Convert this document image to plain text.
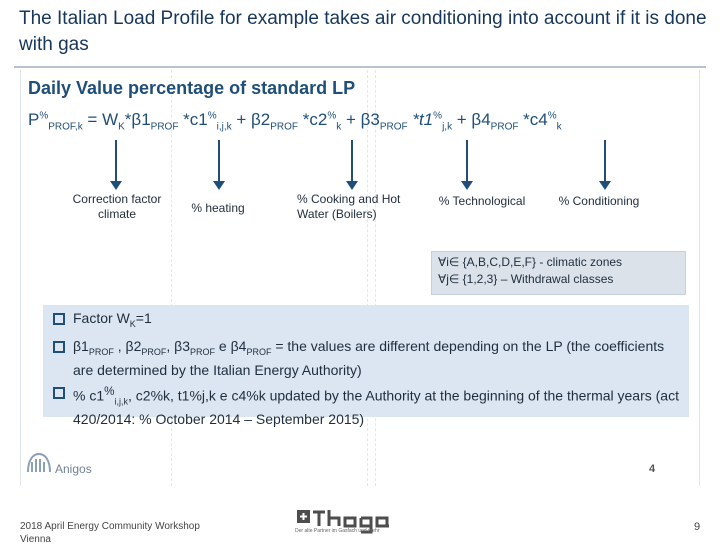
The Italian Load Profile for example takes air conditioning into account if it is done with gas
Daily Value percentage of standard LP
$P^{\%}_{PROF,k} = W_K*\beta 1_{PROF}$ $*c1^{\%}_{i,j,k} + \beta 2_{PROF}$ $*c2^{\%}_k + \beta 3_{PROF}$ $*t1^{\%}_{j,k} + \beta 4_{PROF}$ $*c4^{\%}_k$
Correction factor climate	% heating
% Cooking and Hot Water (Boilers)
% Technological	% Conditioning
∀i∈ {A,B,C,D,E,F} - climatic zones
∀j∈ {1,2,3} – Withdrawal classes
Factor $W_K=1$
$\beta 1_{PROF}$ , $\beta 2_{PROF}$, $\beta 3_{PROF}$ e $\beta 4_{PROF}$ = the values are different depending on the LP (the coefficients are determined by the Italian Energy Authority)
% $c1^{\%}_{i,j,k}$, c2%k, t1%j,k e c4%k updated by the Authority at the beginning of the thermal years (act 420/2014: % October 2014 – September 2015)
Anigos	4
2018 April Energy Community Workshop
Vienna
Der alte Partner im Gasfach und mehr	9
